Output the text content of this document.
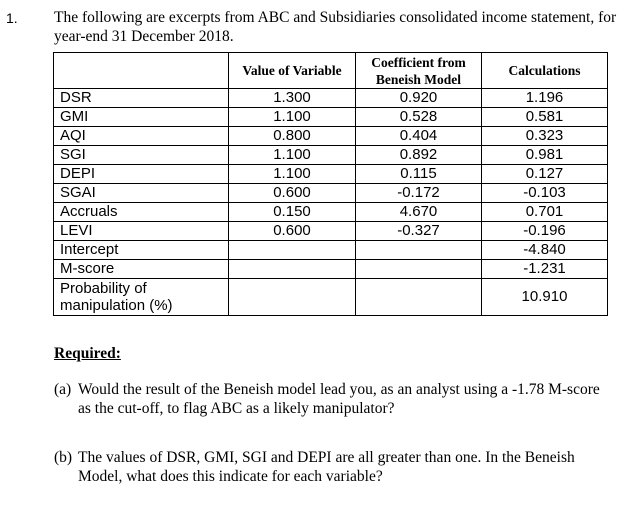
1. The following are excerpts from ABC and Subsidiaries consolidated income statement, for year-end 31 December 2018.
	Value of Variable	Coefficient from Beneish Model	Calculations
DSR	1.300	0.920	1.196
GMI	1.100	0.528	0.581
AQI	0.800	0.404	0.323
SGI	1.100	0.892	0.981
DEPI	1.100	0.115	0.127
SGAI	0.600	-0.172	-0.103
Accruals	0.150	4.670	0.701
LEVI	0.600	-0.327	-0.196
Intercept			-4.840
M-score			-1.231
Probability of manipulation (%)			10.910
Required:
(a) Would the result of the Beneish model lead you, as an analyst using a -1.78 M-score as the cut-off, to flag ABC as a likely manipulator?
(b) The values of DSR, GMI, SGI and DEPI are all greater than one. In the Beneish Model, what does this indicate for each variable?
